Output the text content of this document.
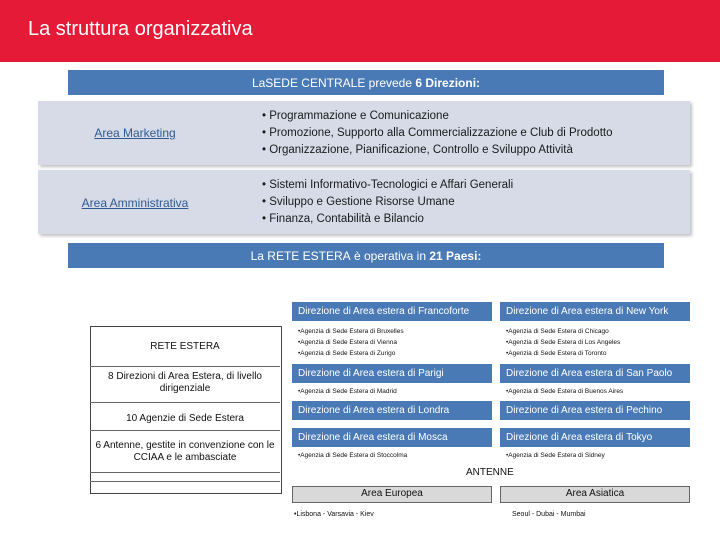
La struttura organizzativa
La SEDE CENTRALE prevede 6 Direzioni:
Area Marketing
• Programmazione e Comunicazione
• Promozione, Supporto alla Commercializzazione e Club di Prodotto
• Organizzazione, Pianificazione, Controllo e Sviluppo Attività
Area Amministrativa
• Sistemi Informativo-Tecnologici e Affari Generali
• Sviluppo e Gestione Risorse Umane
• Finanza, Contabilità e Bilancio
La RETE ESTERA è operativa in 21 Paesi:
RETE ESTERA
8 Direzioni di Area Estera, di livello dirigenziale
10 Agenzie di Sede Estera
6 Antenne, gestite in convenzione con le CCIAA e le ambasciate
Direzione di Area estera di Francoforte
•Agenzia di Sede Estera di Bruxelles
•Agenzia di Sede Estera di Vienna
•Agenzia di Sede Estera di Zurigo
Direzione di Area estera di Parigi
•Agenzia di Sede Estera di Madrid
Direzione di Area estera di Londra
Direzione di Area estera di Mosca
•Agenzia di Sede Estera di Stoccolma
Direzione di Area estera di New York
•Agenzia di Sede Estera di Chicago
•Agenzia di Sede Estera di Los Angeles
•Agenzia di Sede Estera di Toronto
Direzione di Area estera di San Paolo
•Agenzia di Sede Estera di Buenos Aires
Direzione di Area estera di Pechino
Direzione di Area estera di Tokyo
•Agenzia di Sede Estera di Sidney
ANTENNE
Area Europea	Area Asiatica
•Lisbona - Varsavia - Kiev	Seoul - Dubai - Mumbai
